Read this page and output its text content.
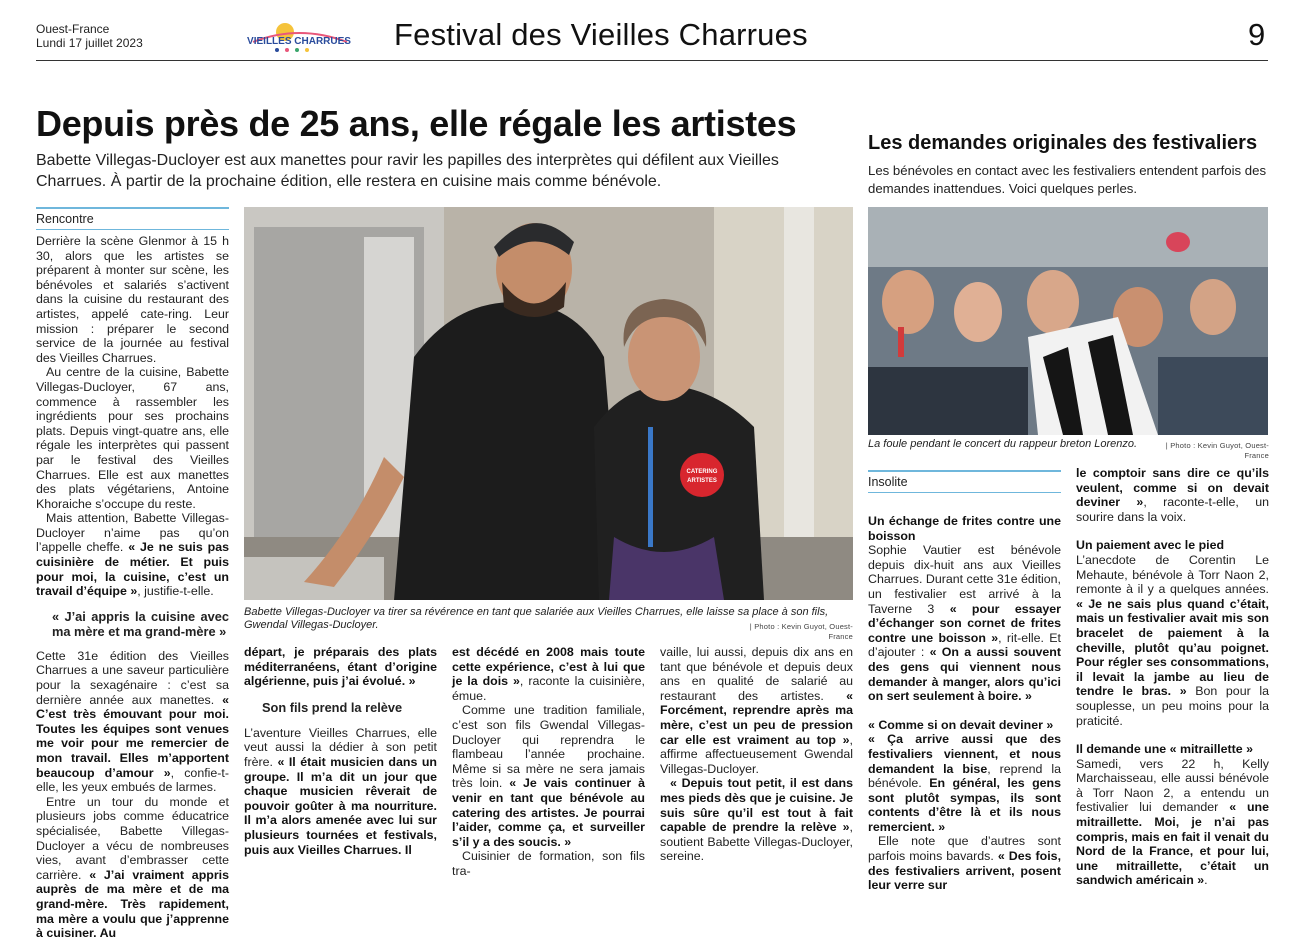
Ouest-France
Lundi 17 juillet 2023	VIEILLES CHARRUES Festival des Vieilles Charrues	9
Depuis près de 25 ans, elle régale les artistes
Babette Villegas-Ducloyer est aux manettes pour ravir les papilles des interprètes qui défilent aux Vieilles Charrues. À partir de la prochaine édition, elle restera en cuisine mais comme bénévole.
Rencontre

Derrière la scène Glenmor à 15 h 30, alors que les artistes se préparent à monter sur scène, les bénévoles et salariés s’activent dans la cuisine du restaurant des artistes, appelé cate-ring. Leur mission : préparer le second service de la journée au festival des Vieilles Charrues.

Au centre de la cuisine, Babette Villegas-Ducloyer, 67 ans, commence à rassembler les ingrédients pour ses prochains plats. Depuis vingt-quatre ans, elle régale les interprètes qui passent par le festival des Vieilles Charrues. Elle est aux manettes des plats végétariens, Antoine Khoraiche s’occupe du reste.

Mais attention, Babette Villegas-Ducloyer n’aime pas qu’on l’appelle cheffe. « Je ne suis pas cuisinière de métier. Et puis pour moi, la cuisine, c’est un travail d’équipe », justifie-t-elle.

« J’ai appris la cuisine avec ma mère et ma grand-mère »

Cette 31e édition des Vieilles Charrues a une saveur particulière pour la sexagénaire : c’est sa dernière année aux manettes. « C’est très émouvant pour moi. Toutes les équipes sont venues me voir pour me remercier de mon travail. Elles m’apportent beaucoup d’amour », confie-t-elle, les yeux embués de larmes.

Entre un tour du monde et plusieurs jobs comme éducatrice spécialisée, Babette Villegas-Ducloyer a vécu de nombreuses vies, avant d’embrasser cette carrière. « J’ai vraiment appris auprès de ma mère et de ma grand-mère. Très rapidement, ma mère a voulu que j’apprenne à cuisiner. Au

CATERING
ARTISTES
Babette Villegas-Ducloyer va tirer sa révérence en tant que salariée aux Vieilles Charrues, elle laisse sa place à son fils, Gwendal Villegas-Ducloyer.	| Photo : Kevin Guyot, Ouest-France

départ, je préparais des plats méditerranéens, étant d’origine algérienne, puis j’ai évolué. »

Son fils prend la relève

L’aventure Vieilles Charrues, elle veut aussi la dédier à son petit frère. « Il était musicien dans un groupe. Il m’a dit un jour que chaque musicien rêverait de pouvoir goûter à ma nourriture. Il m’a alors amenée avec lui sur plusieurs tournées et festivals, puis aux Vieilles Charrues. Il

est décédé en 2008 mais toute cette expérience, c’est à lui que je la dois », raconte la cuisinière, émue.

Comme une tradition familiale, c’est son fils Gwendal Villegas-Ducloyer qui reprendra le flambeau l’année prochaine. Même si sa mère ne sera jamais très loin. « Je vais continuer à venir en tant que bénévole au catering des artistes. Je pourrai l’aider, comme ça, et surveiller s’il y a des soucis. »

Cuisinier de formation, son fils tra-

vaille, lui aussi, depuis dix ans en tant que bénévole et depuis deux ans en qualité de salarié au restaurant des artistes. « Forcément, reprendre après ma mère, c’est un peu de pression car elle est vraiment au top », affirme affectueusement Gwendal Villegas-Ducloyer.

« Depuis tout petit, il est dans mes pieds dès que je cuisine. Je suis sûre qu’il est tout à fait capable de prendre la relève », soutient Babette Villegas-Ducloyer, sereine.

Les demandes originales des festivaliers
Les bénévoles en contact avec les festivaliers entendent parfois des demandes inattendues. Voici quelques perles.
La foule pendant le concert du rappeur breton Lorenzo.	| Photo : Kevin Guyot, Ouest-France
Insolite
Un échange de frites contre une boisson

Sophie Vautier est bénévole depuis dix-huit ans aux Vieilles Charrues. Durant cette 31e édition, un festivalier est arrivé à la Taverne 3 « pour essayer d’échanger son cornet de frites contre une boisson », rit-elle. Et d’ajouter : « On a aussi souvent des gens qui viennent nous demander à manger, alors qu’ici on sert seulement à boire. »

« Comme si on devait deviner »

« Ça arrive aussi que des festivaliers viennent, et nous demandent la bise, reprend la bénévole. En général, les gens sont plutôt sympas, ils sont contents d’être là et ils nous remercient. »

Elle note que d’autres sont parfois moins bavards. « Des fois, des festivaliers arrivent, posent leur verre sur

le comptoir sans dire ce qu’ils veulent, comme si on devait deviner », raconte-t-elle, un sourire dans la voix.

Un paiement avec le pied

L’anecdote de Corentin Le Mehaute, bénévole à Torr Naon 2, remonte à il y a quelques années. « Je ne sais plus quand c’était, mais un festivalier avait mis son bracelet de paiement à la cheville, plutôt qu’au poignet. Pour régler ses consommations, il levait la jambe au lieu de tendre le bras. » Bon pour la souplesse, un peu moins pour la praticité.

Il demande une « mitraillette »

Samedi, vers 22 h, Kelly Marchaisseau, elle aussi bénévole à Torr Naon 2, a entendu un festivalier lui demander « une mitraillette. Moi, je n’ai pas compris, mais en fait il venait du Nord de la France, et pour lui, une mitraillette, c’était un sandwich américain ».
